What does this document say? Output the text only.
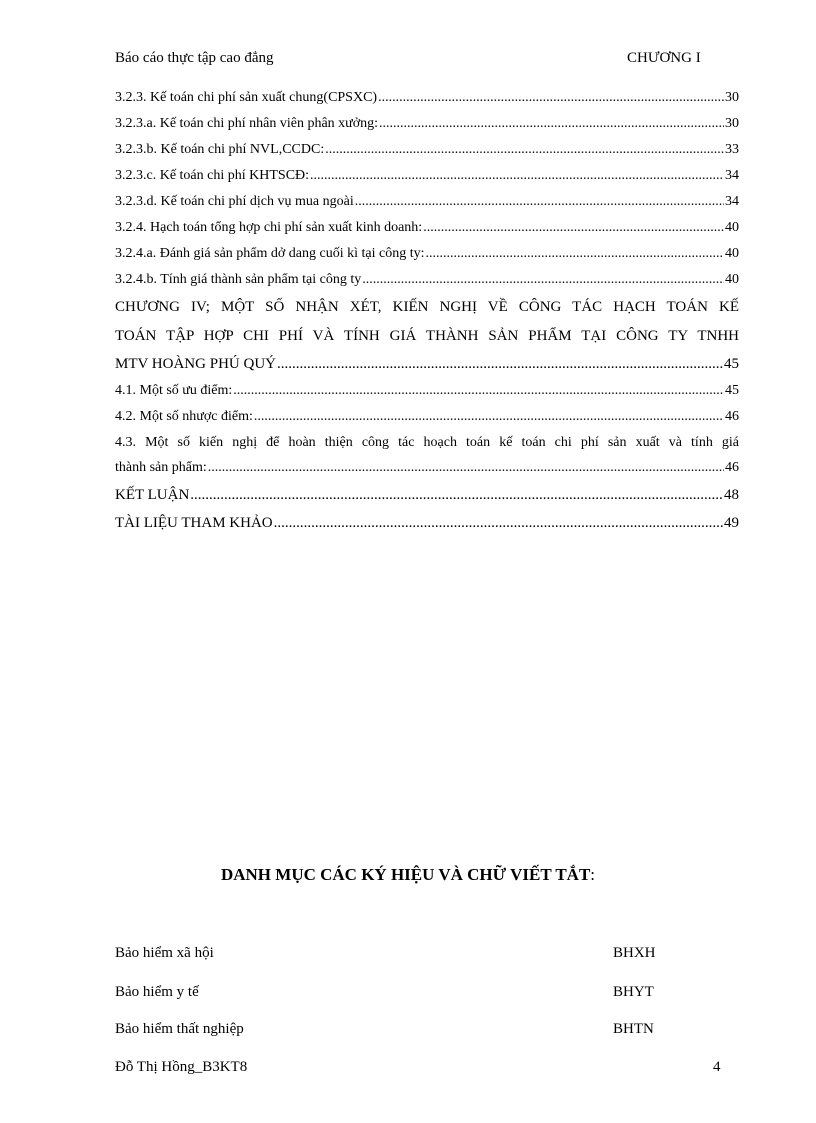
Báo cáo thực tập cao đẳng	CHƯƠNG I
3.2.3. Kế toán chi phí sản xuất chung(CPSXC) .....	30
3.2.3.a. Kế toán chi phí nhân viên phân xưởng: .....	30
3.2.3.b. Kế toán chi phí NVL,CCDC: .....	33
3.2.3.c. Kế toán chi phí KHTSCĐ: .....	34
3.2.3.d. Kế toán chi phí dịch vụ mua ngoài .....	34
3.2.4. Hạch toán tổng hợp chi phí sản xuất kinh doanh: .....	40
3.2.4.a. Đánh giá sản phẩm dở dang cuối kì tại công ty: .....	40
3.2.4.b. Tính giá thành sản phẩm tại công ty .....	40
CHƯƠNG IV; MỘT SỐ NHẬN XÉT, KIẾN NGHỊ VỀ CÔNG TÁC HẠCH TOÁN KẾ
TOÁN TẬP HỢP CHI PHÍ VÀ TÍNH GIÁ THÀNH SẢN PHẨM TẠI CÔNG TY TNHH
MTV HOÀNG PHÚ QUÝ .....	45
4.1. Một số ưu điểm: .....	45
4.2. Một số nhược điểm: .....	46
4.3. Một số kiến nghị để hoàn thiện công tác hoạch toán kế toán chi phí sản xuất và tính giá
thành sản phẩm: .....	46
KẾT LUẬN .....	48
TÀI LIỆU THAM KHẢO .....	49
DANH MỤC CÁC KÝ HIỆU VÀ CHỮ VIẾT TẮT:
Bảo hiểm xã hội	BHXH
Bảo hiểm y tế	BHYT
Bảo hiểm thất nghiệp	BHTN
Đỗ Thị Hồng_B3KT8	4
